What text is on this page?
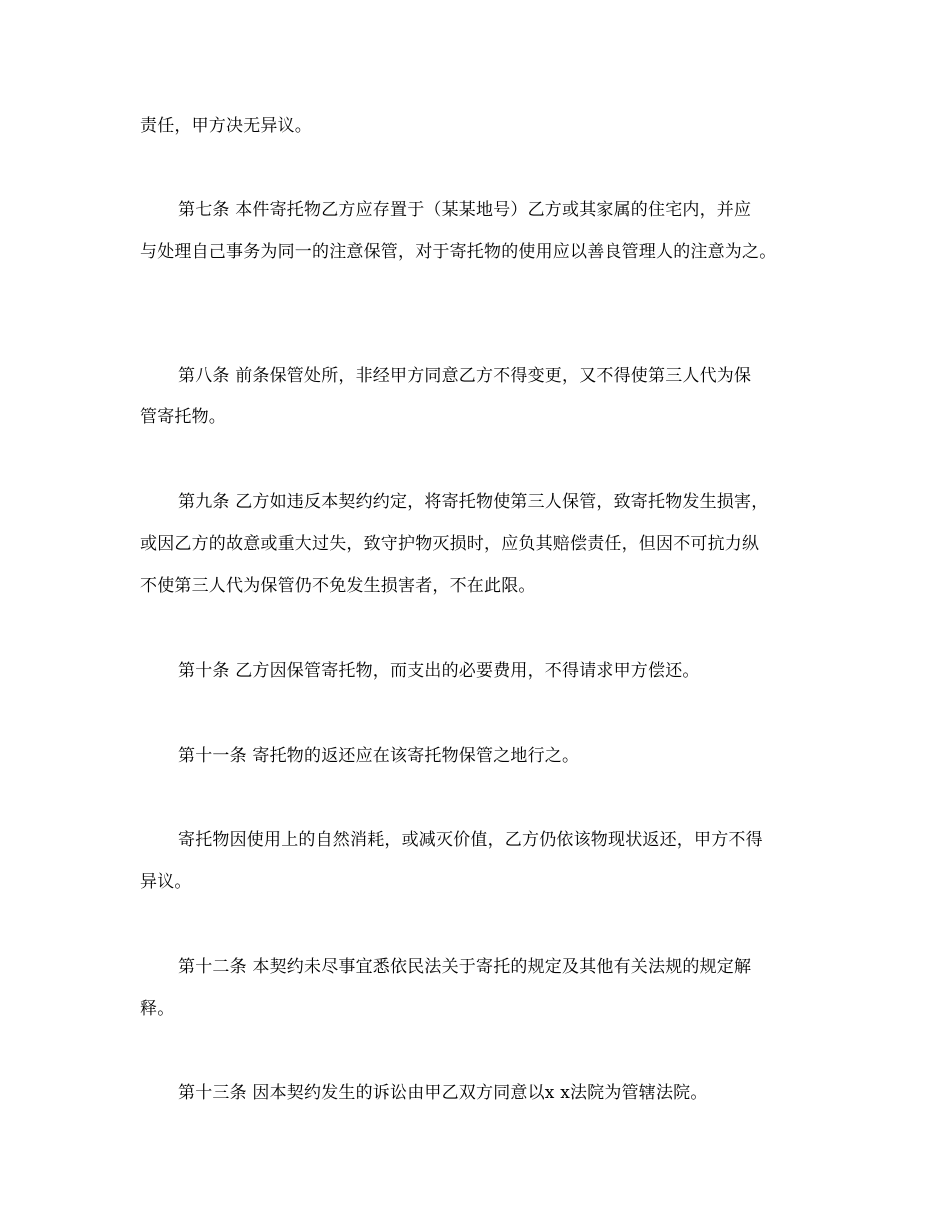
责任，甲方决无异议。
第七条 本件寄托物乙方应存置于（某某地号）乙方或其家属的住宅内，并应
与处理自己事务为同一的注意保管，对于寄托物的使用应以善良管理人的注意为之。
第八条 前条保管处所，非经甲方同意乙方不得变更，又不得使第三人代为保
管寄托物。
第九条 乙方如违反本契约约定，将寄托物使第三人保管，致寄托物发生损害，
或因乙方的故意或重大过失，致守护物灭损时，应负其赔偿责任，但因不可抗力纵
不使第三人代为保管仍不免发生损害者，不在此限。
第十条 乙方因保管寄托物，而支出的必要费用，不得请求甲方偿还。
第十一条 寄托物的返还应在该寄托物保管之地行之。
寄托物因使用上的自然消耗，或减灭价值，乙方仍依该物现状返还，甲方不得
异议。
第十二条 本契约未尽事宜悉依民法关于寄托的规定及其他有关法规的规定解
释。
第十三条 因本契约发生的诉讼由甲乙双方同意以x x法院为管辖法院。
